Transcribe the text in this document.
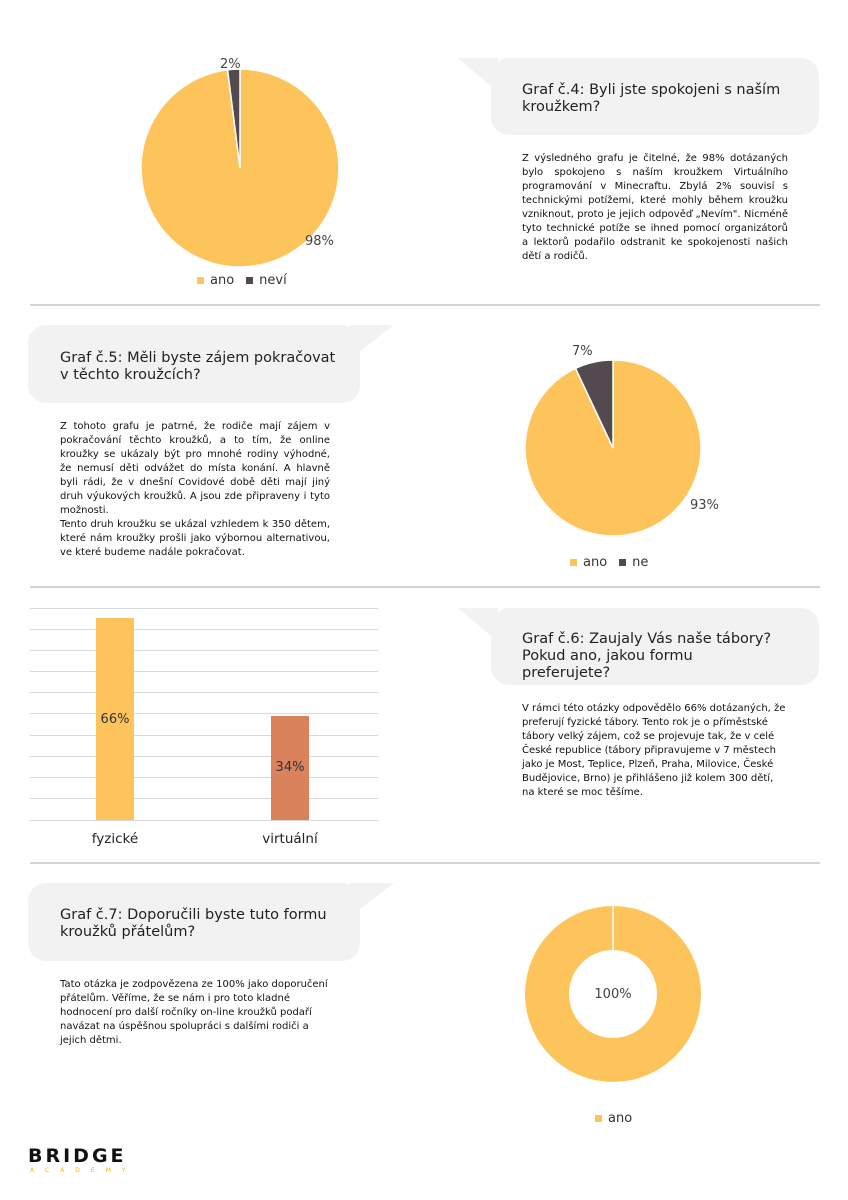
2%
98%
ano neví
Graf č.4: Byli jste spokojeni s naším kroužkem?

Z výsledného grafu je čitelné, že 98% dotázaných bylo spokojeno s naším kroužkem Virtuálního programování v Minecraftu. Zbylá 2% souvisí s technickými potížemi, které mohly během kroužku vzniknout, proto je jejich odpověď „Nevím". Nicméně tyto technické potíže se ihned pomocí organizátorů a lektorů podařilo odstranit ke spokojenosti našich dětí a rodičů.

Graf č.5: Měli byste zájem pokračovat v těchto kroužcích?

Z tohoto grafu je patrné, že rodiče mají zájem v pokračování těchto kroužků, a to tím, že online kroužky se ukázaly být pro mnohé rodiny výhodné, že nemusí děti odvážet do místa konání. A hlavně byli rádi, že v dnešní Covidové době děti mají jiný druh výukových kroužků. A jsou zde připraveny i tyto možnosti.

Tento druh kroužku se ukázal vzhledem k 350 dětem, které nám kroužky prošli jako výbornou alternativou, ve které budeme nadále pokračovat.

7%
93%
ano ne
66%
34%
fyzické	virtuální
Graf č.6: Zaujaly Vás naše tábory? Pokud ano, jakou formu preferujete?

V rámci této otázky odpovědělo 66% dotázaných, že preferují fyzické tábory. Tento rok je o příměstské tábory velký zájem, což se projevuje tak, že v celé České republice (tábory připravujeme v 7 městech jako je Most, Teplice, Plzeň, Praha, Milovice, České Budějovice, Brno) je přihlášeno již kolem 300 dětí, na které se moc těšíme.

Graf č.7: Doporučili byste tuto formu kroužků přátelům?

Tato otázka je zodpovězena ze 100% jako doporučení přátelům. Věříme, že se nám i pro toto kladné hodnocení pro další ročníky on-line kroužků podaří navázat na úspěšnou spolupráci s dalšími rodiči a jejich dětmi.

100%
ano
BRIDGE
ACADEMY
